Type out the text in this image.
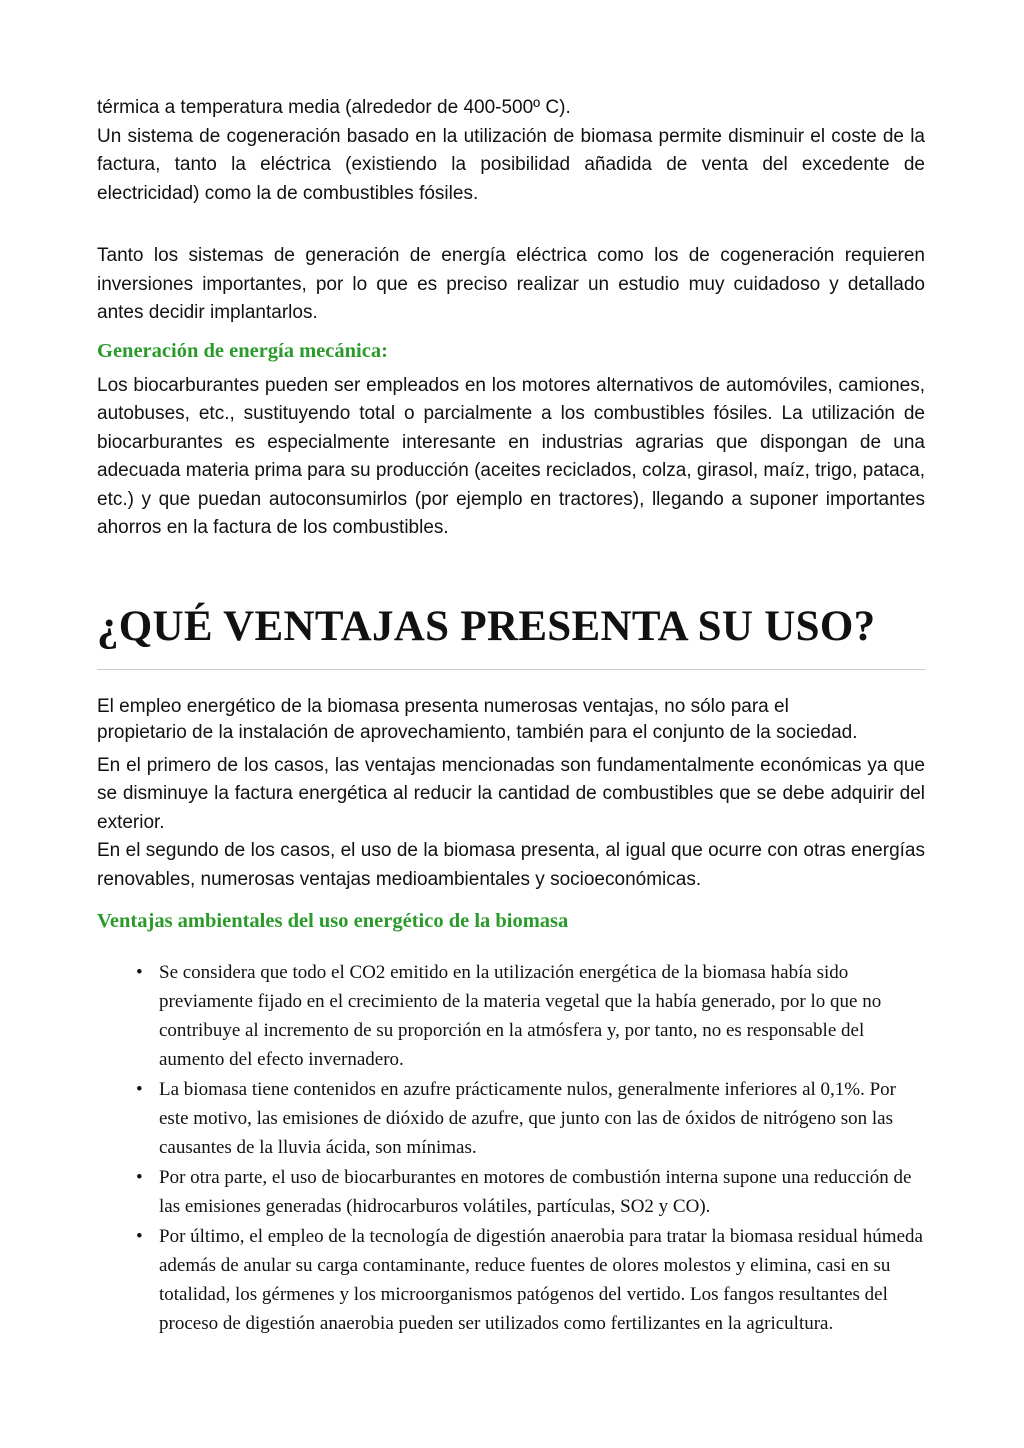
térmica a temperatura media (alrededor de 400-500º C).

Un sistema de cogeneración basado en la utilización de biomasa permite disminuir el coste de la factura, tanto la eléctrica (existiendo la posibilidad añadida de venta del excedente de electricidad) como la de combustibles fósiles.

Tanto los sistemas de generación de energía eléctrica como los de cogeneración requieren inversiones importantes, por lo que es preciso realizar un estudio muy cuidadoso y detallado antes decidir implantarlos.

Generación de energía mecánica:

Los biocarburantes pueden ser empleados en los motores alternativos de automóviles, camiones, autobuses, etc., sustituyendo total o parcialmente a los combustibles fósiles. La utilización de biocarburantes es especialmente interesante en industrias agrarias que dispongan de una adecuada materia prima para su producción (aceites reciclados, colza, girasol, maíz, trigo, pataca, etc.) y que puedan autoconsumirlos (por ejemplo en tractores), llegando a suponer importantes ahorros en la factura de los combustibles.

¿QUÉ VENTAJAS PRESENTA SU USO?

El empleo energético de la biomasa presenta numerosas ventajas, no sólo para el

propietario de la instalación de aprovechamiento, también para el conjunto de la sociedad.

En el primero de los casos, las ventajas mencionadas son fundamentalmente económicas ya que se disminuye la factura energética al reducir la cantidad de combustibles que se debe adquirir del exterior.

En el segundo de los casos, el uso de la biomasa presenta, al igual que ocurre con otras energías renovables, numerosas ventajas medioambientales y socioeconómicas.

Ventajas ambientales del uso energético de la biomasa
• Se considera que todo el CO2 emitido en la utilización energética de la biomasa había sido previamente fijado en el crecimiento de la materia vegetal que la había generado, por lo que no contribuye al incremento de su proporción en la atmósfera y, por tanto, no es responsable del aumento del efecto invernadero.
• La biomasa tiene contenidos en azufre prácticamente nulos, generalmente inferiores al 0,1%. Por este motivo, las emisiones de dióxido de azufre, que junto con las de óxidos de nitrógeno son las causantes de la lluvia ácida, son mínimas.
• Por otra parte, el uso de biocarburantes en motores de combustión interna supone una reducción de las emisiones generadas (hidrocarburos volátiles, partículas, SO2 y CO).
• Por último, el empleo de la tecnología de digestión anaerobia para tratar la biomasa residual húmeda además de anular su carga contaminante, reduce fuentes de olores molestos y elimina, casi en su totalidad, los gérmenes y los microorganismos patógenos del vertido. Los fangos resultantes del proceso de digestión anaerobia pueden ser utilizados como fertilizantes en la agricultura.
